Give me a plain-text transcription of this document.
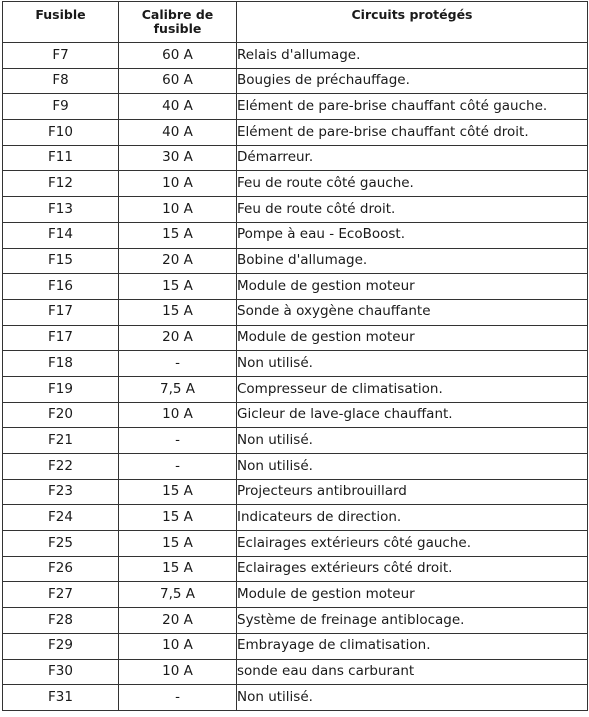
Fusible	Calibre de fusible	Circuits protégés
F7	60 A	Relais d'allumage.
F8	60 A	Bougies de préchauffage.
F9	40 A	Elément de pare-brise chauffant côté gauche.
F10	40 A	Elément de pare-brise chauffant côté droit.
F11	30 A	Démarreur.
F12	10 A	Feu de route côté gauche.
F13	10 A	Feu de route côté droit.
F14	15 A	Pompe à eau - EcoBoost.
F15	20 A	Bobine d'allumage.
F16	15 A	Module de gestion moteur
F17	15 A	Sonde à oxygène chauffante
F17	20 A	Module de gestion moteur
F18	-	Non utilisé.
F19	7,5 A	Compresseur de climatisation.
F20	10 A	Gicleur de lave-glace chauffant.
F21	-	Non utilisé.
F22	-	Non utilisé.
F23	15 A	Projecteurs antibrouillard
F24	15 A	Indicateurs de direction.
F25	15 A	Eclairages extérieurs côté gauche.
F26	15 A	Eclairages extérieurs côté droit.
F27	7,5 A	Module de gestion moteur
F28	20 A	Système de freinage antiblocage.
F29	10 A	Embrayage de climatisation.
F30	10 A	sonde eau dans carburant
F31	-	Non utilisé.
